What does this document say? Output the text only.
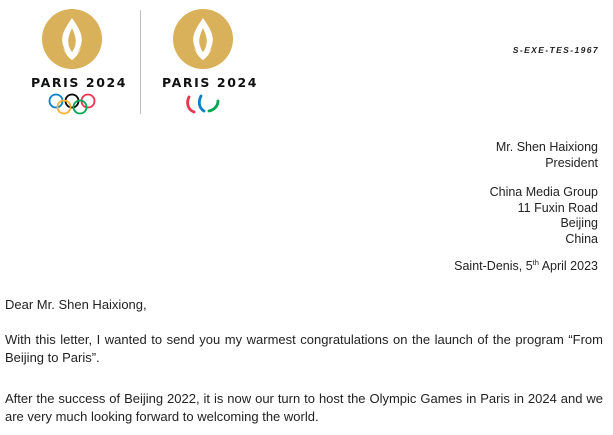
PARIS 2024	PARIS 2024
S-EXE-TES-1967
Mr. Shen Haixiong
President
China Media Group
11 Fuxin Road
Beijing
China
Saint-Denis, 5th April 2023
Dear Mr. Shen Haixiong,
With this letter, I wanted to send you my warmest congratulations on the launch of the program “From Beijing to Paris”.
After the success of Beijing 2022, it is now our turn to host the Olympic Games in Paris in 2024 and we are very much looking forward to welcoming the world.
